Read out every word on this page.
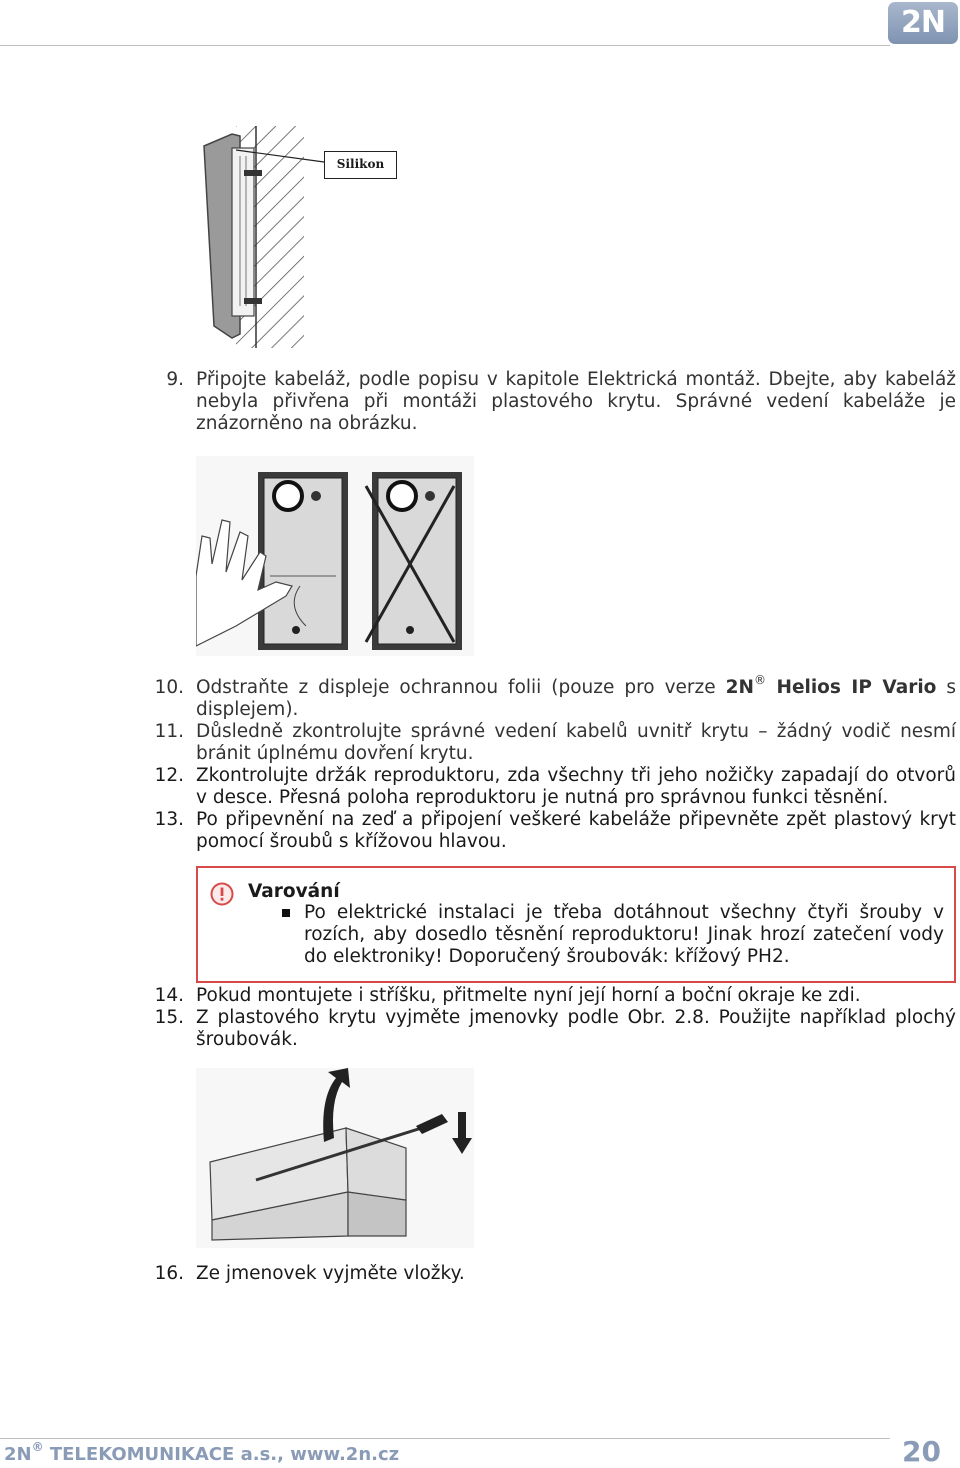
2N
Silikon
9. Připojte kabeláž, podle popisu v kapitole Elektrická montáž. Dbejte, aby kabeláž nebyla přivřena při montáži plastového krytu. Správné vedení kabeláže je znázorněno na obrázku.
10. Odstraňte z displeje ochrannou folii (pouze pro verze 2N® Helios IP Vario s displejem).
11. Důsledně zkontrolujte správné vedení kabelů uvnitř krytu – žádný vodič nesmí bránit úplnému dovření krytu.
12. Zkontrolujte držák reproduktoru, zda všechny tři jeho nožičky zapadají do otvorů v desce. Přesná poloha reproduktoru je nutná pro správnou funkci těsnění.
13. Po připevnění na zeď a připojení veškeré kabeláže připevněte zpět plastový kryt pomocí šroubů s křížovou hlavou.
Varování
Po elektrické instalaci je třeba dotáhnout všechny čtyři šrouby v rozích, aby dosedlo těsnění reproduktoru! Jinak hrozí zatečení vody do elektroniky! Doporučený šroubovák: křížový PH2.
14. Pokud montujete i stříšku, přitmelte nyní její horní a boční okraje ke zdi.
15. Z plastového krytu vyjměte jmenovky podle Obr. 2.8. Použijte například plochý šroubovák.
16. Ze jmenovek vyjměte vložky.
2N® TELEKOMUNIKACE a.s., www.2n.cz	20
